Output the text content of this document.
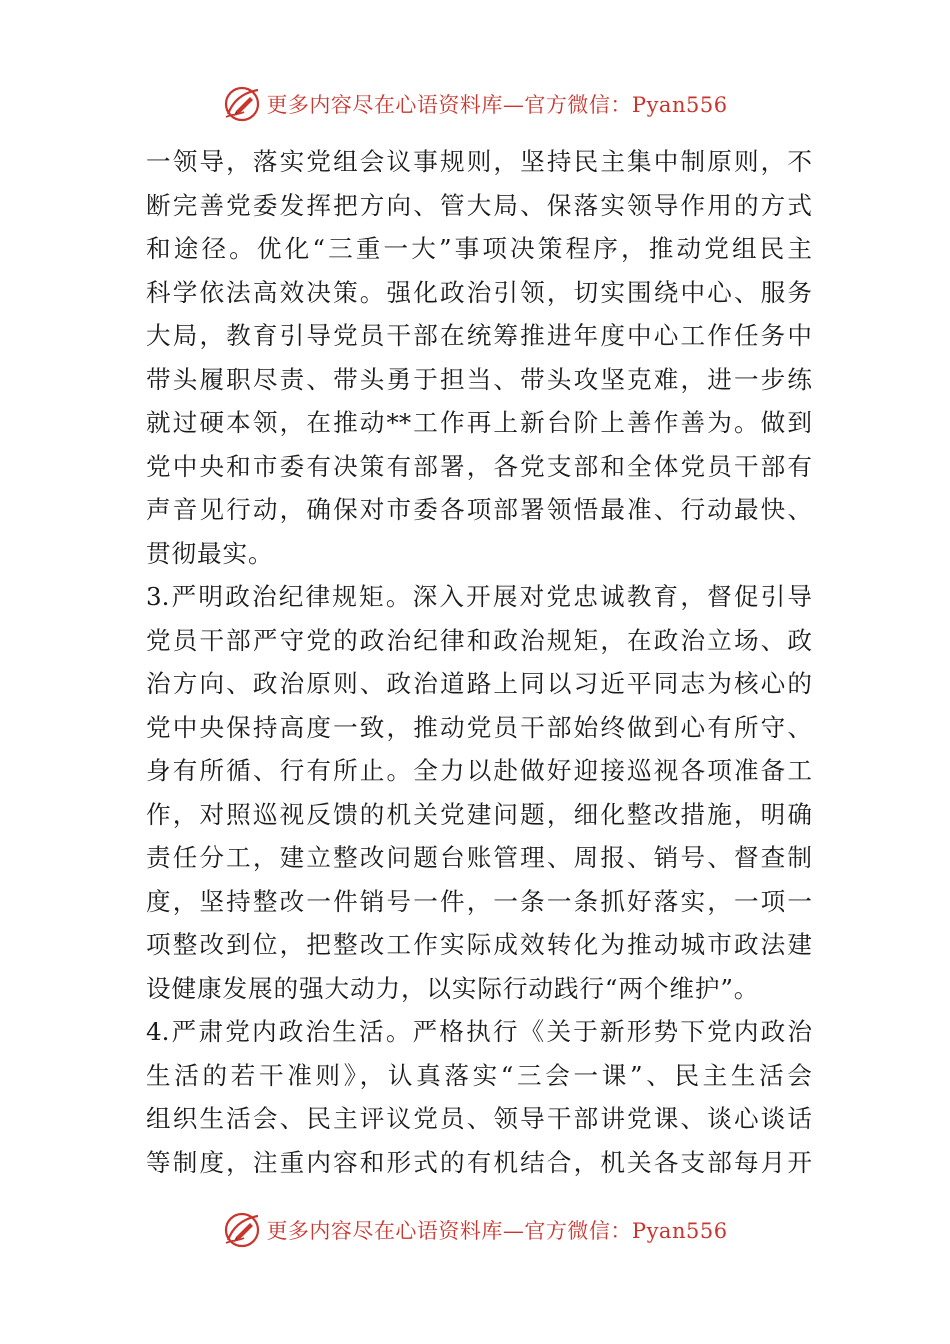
更多内容尽在心语资料库—官方微信：Pyan556
一领导，落实党组会议事规则，坚持民主集中制原则，不
断完善党委发挥把方向、管大局、保落实领导作用的方式
和途径。优化“三重一大”事项决策程序，推动党组民主
科学依法高效决策。强化政治引领，切实围绕中心、服务
大局，教育引导党员干部在统筹推进年度中心工作任务中
带头履职尽责、带头勇于担当、带头攻坚克难，进一步练
就过硬本领，在推动**工作再上新台阶上善作善为。做到
党中央和市委有决策有部署，各党支部和全体党员干部有
声音见行动，确保对市委各项部署领悟最准、行动最快、
贯彻最实。
3.严明政治纪律规矩。深入开展对党忠诚教育，督促引导
党员干部严守党的政治纪律和政治规矩，在政治立场、政
治方向、政治原则、政治道路上同以习近平同志为核心的
党中央保持高度一致，推动党员干部始终做到心有所守、
身有所循、行有所止。全力以赴做好迎接巡视各项准备工
作，对照巡视反馈的机关党建问题，细化整改措施，明确
责任分工，建立整改问题台账管理、周报、销号、督查制
度，坚持整改一件销号一件，一条一条抓好落实，一项一
项整改到位，把整改工作实际成效转化为推动城市政法建
设健康发展的强大动力，以实际行动践行“两个维护”。
4.严肃党内政治生活。严格执行《关于新形势下党内政治
生活的若干准则》，认真落实“三会一课”、民主生活会
组织生活会、民主评议党员、领导干部讲党课、谈心谈话
等制度，注重内容和形式的有机结合，机关各支部每月开
更多内容尽在心语资料库—官方微信：Pyan556
